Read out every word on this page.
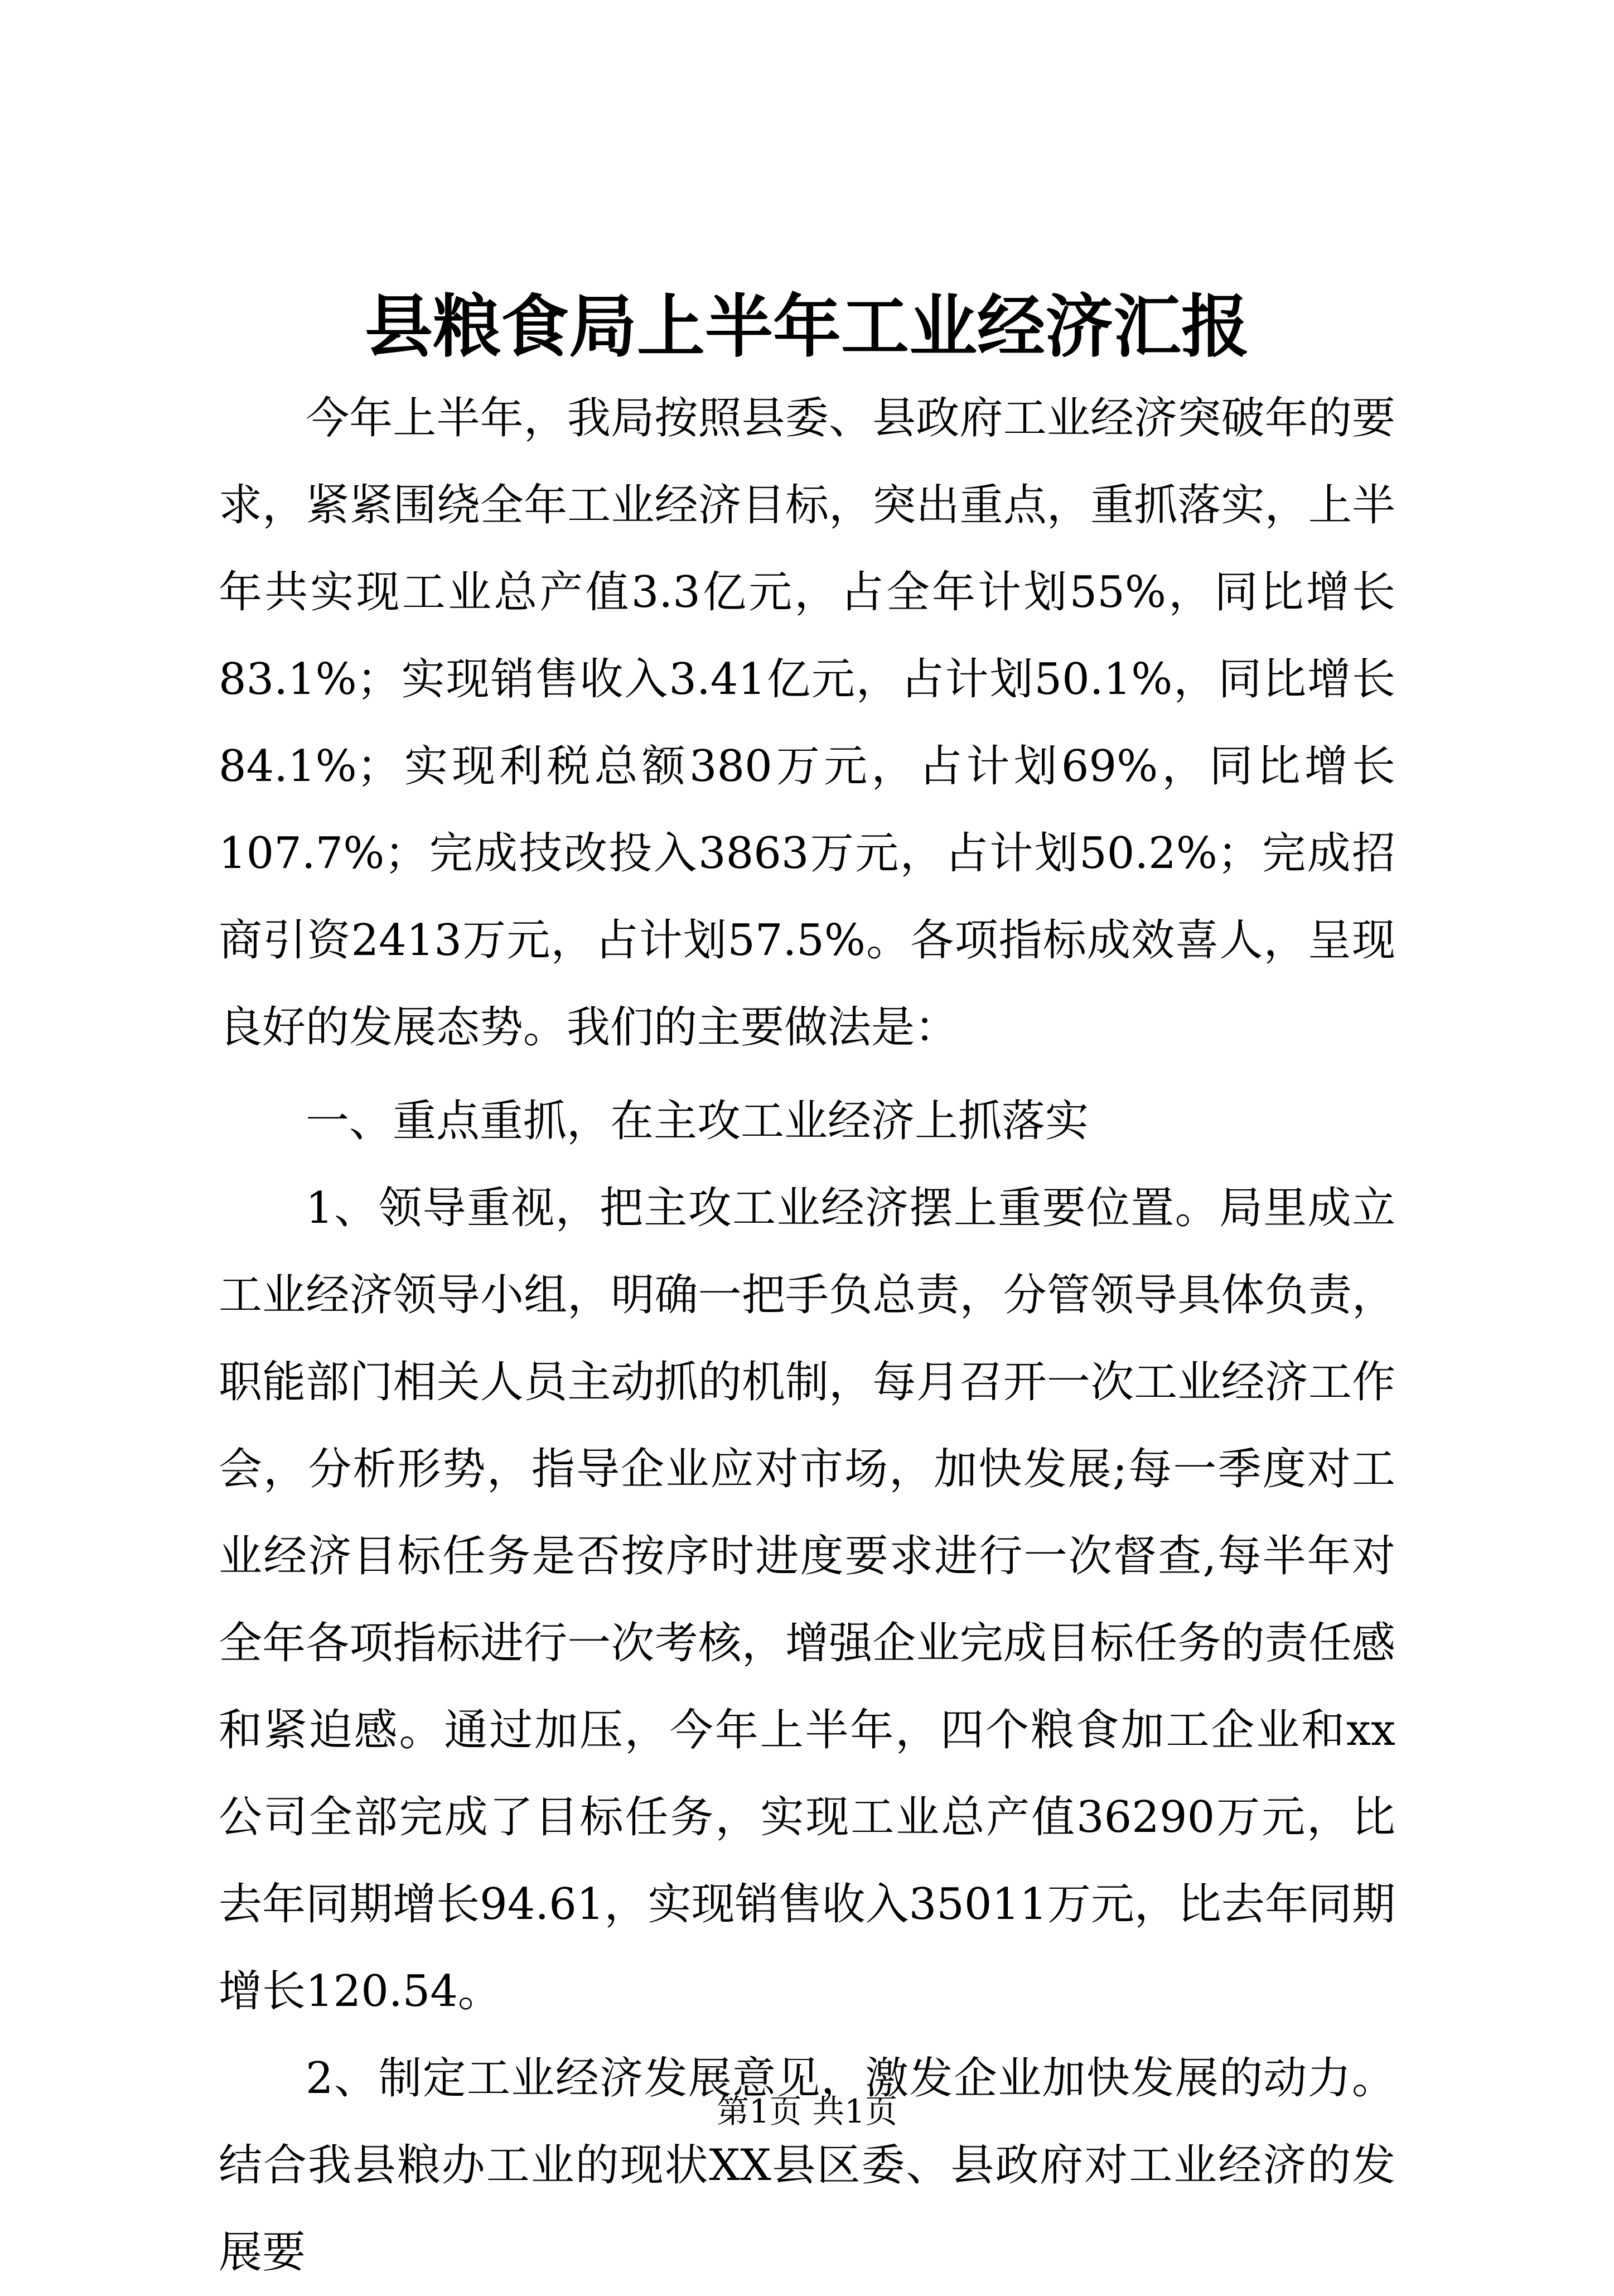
县粮食局上半年工业经济汇报

今年上半年，我局按照县委、县政府工业经济突破年的要求，紧紧围绕全年工业经济目标，突出重点，重抓落实，上半年共实现工业总产值3.3亿元，占全年计划55%，同比增长83.1%；实现销售收入3.41亿元，占计划50.1%，同比增长84.1%；实现利税总额380万元，占计划69%，同比增长107.7%；完成技改投入3863万元，占计划50.2%；完成招商引资2413万元，占计划57.5%。各项指标成效喜人，呈现良好的发展态势。我们的主要做法是：

一、重点重抓，在主攻工业经济上抓落实

1、领导重视，把主攻工业经济摆上重要位置。局里成立工业经济领导小组，明确一把手负总责，分管领导具体负责，职能部门相关人员主动抓的机制，每月召开一次工业经济工作会，分析形势，指导企业应对市场，加快发展;每一季度对工业经济目标任务是否按序时进度要求进行一次督查,每半年对全年各项指标进行一次考核，增强企业完成目标任务的责任感和紧迫感。通过加压，今年上半年，四个粮食加工企业和xx公司全部完成了目标任务，实现工业总产值36290万元，比去年同期增长94.61，实现销售收入35011万元，比去年同期增长120.54。

2、制定工业经济发展意见，激发企业加快发展的动力。结合我县粮办工业的现状XX县区委、县政府对工业经济的发展要

第1页 共1页
